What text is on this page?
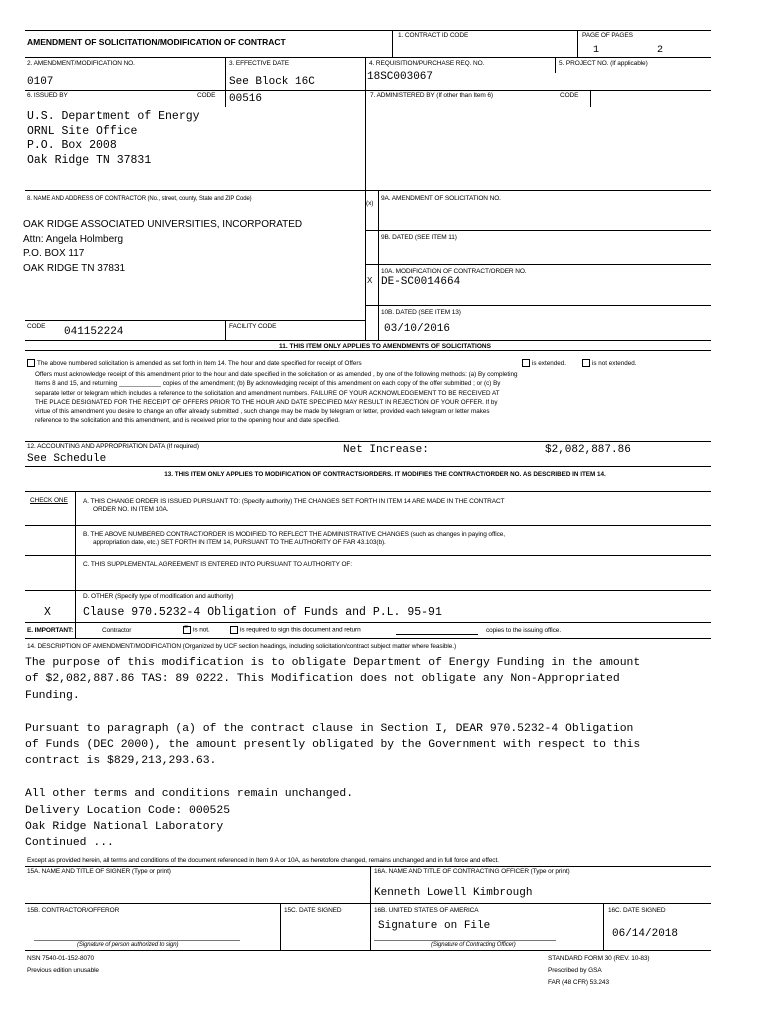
AMENDMENT OF SOLICITATION/MODIFICATION OF CONTRACT
1. CONTRACT ID CODE	PAGE OF PAGES
1	2
2. AMENDMENT/MODIFICATION NO.
0107
3. EFFECTIVE DATE
See Block 16C
4. REQUISITION/PURCHASE REQ. NO.
18SC003067
5. PROJECT NO. (If applicable)
6. ISSUED BY	CODE 00516	7. ADMINISTERED BY (If other than Item 6)	CODE
U.S. Department of Energy
ORNL Site Office
P.O. Box 2008
Oak Ridge TN 37831
8. NAME AND ADDRESS OF CONTRACTOR (No., street, county, State and ZIP Code)
OAK RIDGE ASSOCIATED UNIVERSITIES, INCORPORATED
Attn: Angela Holmberg
P.O. BOX 117
OAK RIDGE TN 37831
CODE 041152224	FACILITY CODE
(x)
9A. AMENDMENT OF SOLICITATION NO.
9B. DATED (SEE ITEM 11)
X
10A. MODIFICATION OF CONTRACT/ORDER NO.
DE-SC0014664
10B. DATED (SEE ITEM 13)
03/10/2016
11. THIS ITEM ONLY APPLIES TO AMENDMENTS OF SOLICITATIONS
The above numbered solicitation is amended as set forth in Item 14. The hour and date specified for receipt of Offers	is extended.	is not extended.
Offers must acknowledge receipt of this amendment prior to the hour and date specified in the solicitation or as amended , by one of the following methods: (a) By completing
Items 8 and 15, and returning ____________ copies of the amendment; (b) By acknowledging receipt of this amendment on each copy of the offer submitted ; or (c) By
separate letter or telegram which includes a reference to the solicitation and amendment numbers. FAILURE OF YOUR ACKNOWLEDGEMENT TO BE RECEIVED AT
THE PLACE DESIGNATED FOR THE RECEIPT OF OFFERS PRIOR TO THE HOUR AND DATE SPECIFIED MAY RESULT IN REJECTION OF YOUR OFFER. If by
virtue of this amendment you desire to change an offer already submitted , such change may be made by telegram or letter, provided each telegram or letter makes
reference to the solicitation and this amendment, and is received prior to the opening hour and date specified.
12. ACCOUNTING AND APPROPRIATION DATA (If required)
See Schedule
Net Increase:	$2,082,887.86
13. THIS ITEM ONLY APPLIES TO MODIFICATION OF CONTRACTS/ORDERS. IT MODIFIES THE CONTRACT/ORDER NO. AS DESCRIBED IN ITEM 14.
CHECK ONE A. THIS CHANGE ORDER IS ISSUED PURSUANT TO: (Specify authority) THE CHANGES SET FORTH IN ITEM 14 ARE MADE IN THE CONTRACT
ORDER NO. IN ITEM 10A.
B. THE ABOVE NUMBERED CONTRACT/ORDER IS MODIFIED TO REFLECT THE ADMINISTRATIVE CHANGES (such as changes in paying office,
appropriation date, etc.) SET FORTH IN ITEM 14, PURSUANT TO THE AUTHORITY OF FAR 43.103(b).
C. THIS SUPPLEMENTAL AGREEMENT IS ENTERED INTO PURSUANT TO AUTHORITY OF:
D. OTHER (Specify type of modification and authority)
X	Clause 970.5232-4 Obligation of Funds and P.L. 95-91
E. IMPORTANT:	Contractor	× is not.	is required to sign this document and return	copies to the issuing office.
14. DESCRIPTION OF AMENDMENT/MODIFICATION (Organized by UCF section headings, including solicitation/contract subject matter where feasible.)
The purpose of this modification is to obligate Department of Energy Funding in the amount
of $2,082,887.86 TAS: 89 0222. This Modification does not obligate any Non-Appropriated
Funding.
Pursuant to paragraph (a) of the contract clause in Section I, DEAR 970.5232-4 Obligation
of Funds (DEC 2000), the amount presently obligated by the Government with respect to this
contract is $829,213,293.63.
All other terms and conditions remain unchanged.
Delivery Location Code: 000525
Oak Ridge National Laboratory
Continued ...
Except as provided herein, all terms and conditions of the document referenced in Item 9 A or 10A, as heretofore changed, remains unchanged and in full force and effect.
15A. NAME AND TITLE OF SIGNER (Type or print)	16A. NAME AND TITLE OF CONTRACTING OFFICER (Type or print)
Kenneth Lowell Kimbrough
15B. CONTRACTOR/OFFEROR	15C. DATE SIGNED	16B. UNITED STATES OF AMERICA	16C. DATE SIGNED
Signature on File
06/14/2018
(Signature of person authorized to sign)	(Signature of Contracting Officer)
NSN 7540-01-152-8070
Previous edition unusable
STANDARD FORM 30 (REV. 10-83)
Prescribed by GSA
FAR (48 CFR) 53.243
